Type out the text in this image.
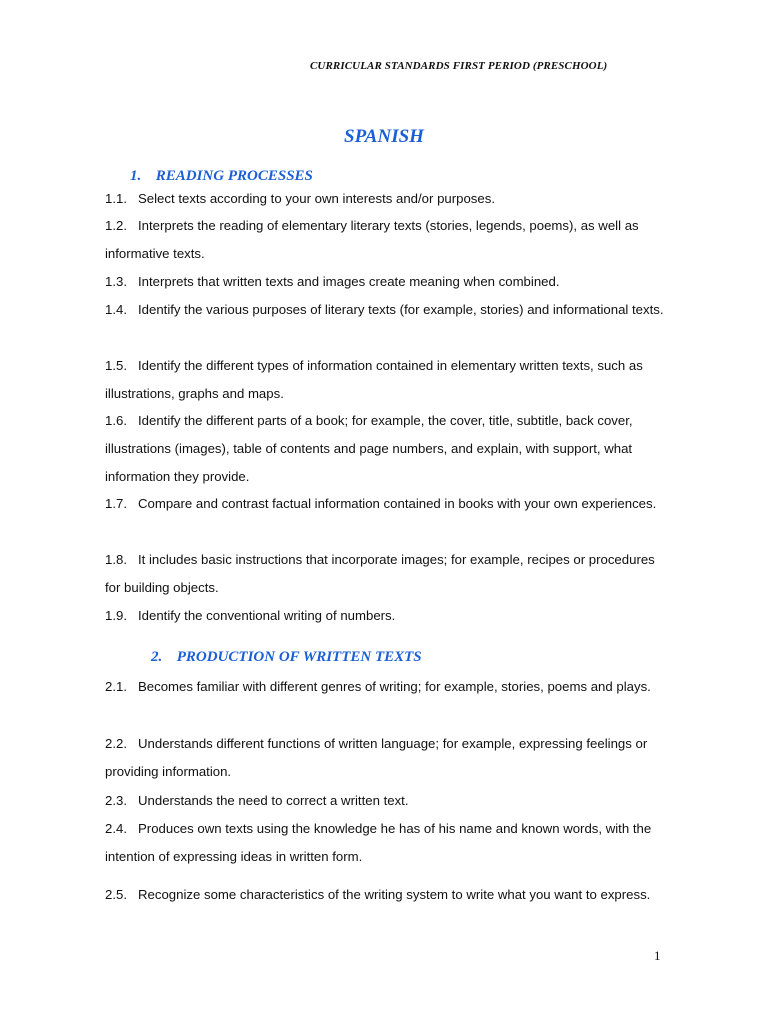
CURRICULAR STANDARDS FIRST PERIOD (PRESCHOOL)
SPANISH
1. READING PROCESSES
1.1. Select texts according to your own interests and/or purposes.
1.2. Interprets the reading of elementary literary texts (stories, legends, poems), as well as informative texts.
1.3. Interprets that written texts and images create meaning when combined.
1.4. Identify the various purposes of literary texts (for example, stories) and informational texts.
1.5. Identify the different types of information contained in elementary written texts, such as illustrations, graphs and maps.
1.6. Identify the different parts of a book; for example, the cover, title, subtitle, back cover, illustrations (images), table of contents and page numbers, and explain, with support, what information they provide.
1.7. Compare and contrast factual information contained in books with your own experiences.
1.8. It includes basic instructions that incorporate images; for example, recipes or procedures for building objects.
1.9. Identify the conventional writing of numbers.
2. PRODUCTION OF WRITTEN TEXTS
2.1. Becomes familiar with different genres of writing; for example, stories, poems and plays.
2.2. Understands different functions of written language; for example, expressing feelings or providing information.
2.3. Understands the need to correct a written text.
2.4. Produces own texts using the knowledge he has of his name and known words, with the intention of expressing ideas in written form.
2.5. Recognize some characteristics of the writing system to write what you want to express.
1
